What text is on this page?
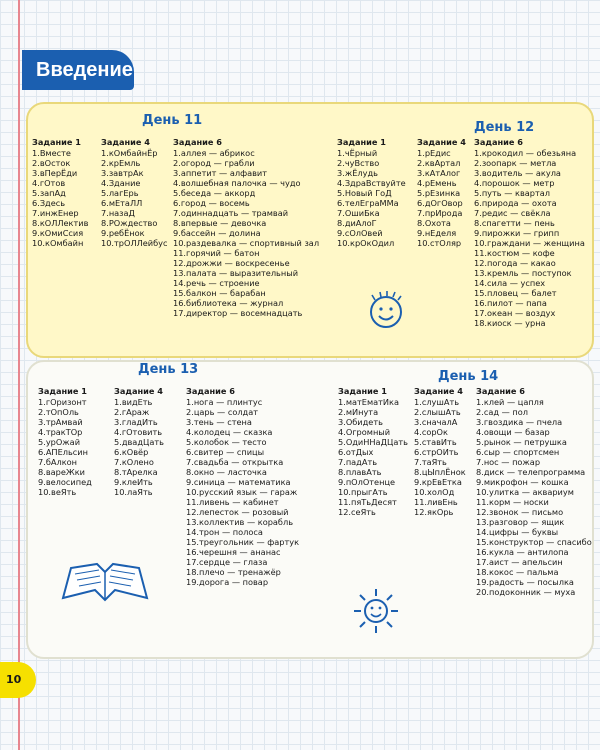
Введение
День 11	День 12
День 13	День 14
Задание 1
1.Вместе
2.вОсток
3.вПерЁди
4.гОтов
5.запАд
6.Здесь
7.инжЕнер
8.кОЛЛектив
9.кОмиСсия
10.кОмбайн
Задание 4
1.кОмбайнЁр
2.крЕмль
3.завтрАк
4.Здание
5.лагЕрь
6.мЕтаЛЛ
7.назаД
8.РОждество
9.ребЁнок
10.трОЛЛейбус
Задание 6
1.аллея — абрикос
2.огород — грабли
3.аппетит — алфавит
4.волшебная палочка — чудо
5.беседа — аккорд
6.город — восемь
7.одиннадцать — трамвай
8.впервые — девочка
9.бассейн — долина
10.раздевалка — спортивный зал
11.горячий — батон
12.дрожжи — воскресенье
13.палата — выразительный
14.речь — строение
15.балкон — барабан
16.библиотека — журнал
17.директор — восемнадцать
Задание 1
1.чЁрный
2.чуВство
3.жЁлудь
4.ЗдраВствуйте
5.Новый ГоД
6.телЕграММа
7.ОшиБка
8.диАлоГ
9.сОлОвей
10.крОкОдил
Задание 4
1.рЕдис
2.квАртал
3.кАтАлог
4.рЕмень
5.рЕзинка
6.дОгОвор
7.прИрода
8.Охота
9.нЕделя
10.стОляр
Задание 6
1.крокодил — обезьяна
2.зоопарк — метла
3.водитель — акула
4.порошок — метр
5.путь — квартал
6.природа — охота
7.редис — свёкла
8.спагетти — пень
9.пирожки — грипп
10.граждани — женщина
11.костюм — кофе
12.погода — какао
13.кремль — поступок
14.сила — успех
15.пловец — балет
16.пилот — папа
17.океан — воздух
18.киоск — урна
Задание 1
1.гОризонт
2.тОпОль
3.трАмвай
4.тракТОр
5.урОжай
6.АПЕльсин
7.бАлкон
8.вареЖки
9.велосипед
10.веЯть
Задание 4
1.видЕть
2.гАраж
3.гладИть
4.гОтовить
5.двадЦать
6.кОвёр
7.кОлено
8.тАрелка
9.клеИть
10.лаЯть
Задание 6
1.нога — плинтус
2.царь — солдат
3.тень — стена
4.колодец — сказка
5.колобок — тесто
6.свитер — спицы
7.свадьба — открытка
8.окно — ласточка
9.синица — математика
10.русский язык — гараж
11.ливень — кабинет
12.лепесток — розовый
13.коллектив — корабль
14.трон — полоса
15.треугольник — фартук
16.черешня — ананас
17.сердце — глаза
18.плечо — тренажёр
19.дорога — повар
Задание 1
1.матЕматИка
2.мИнута
3.Обидеть
4.Огромный
5.ОдиННаДЦать
6.отДых
7.падАть
8.плавАть
9.пОлОтенце
10.прыгАть
11.пяТьДесят
12.сеЯть
Задание 4
1.слушАть
2.слышАть
3.сначалА
4.сорОк
5.ставИть
6.стрОИть
7.таЯть
8.цЫплЁнок
9.крЕвЕтка
10.холОд
11.ливЕнь
12.якОрь
Задание 6
1.клей — цапля
2.сад — пол
3.гвоздика — пчела
4.овощи — базар
5.рынок — петрушка
6.сыр — спортсмен
7.нос — пожар
8.диск — телепрограмма
9.микрофон — кошка
10.улитка — аквариум
11.корм — носки
12.звонок — письмо
13.разговор — ящик
14.цифры — буквы
15.конструктор — спасибо
16.кукла — антилопа
17.аист — апельсин
18.кокос — пальма
19.радость — посылка
20.подоконник — муха
10
